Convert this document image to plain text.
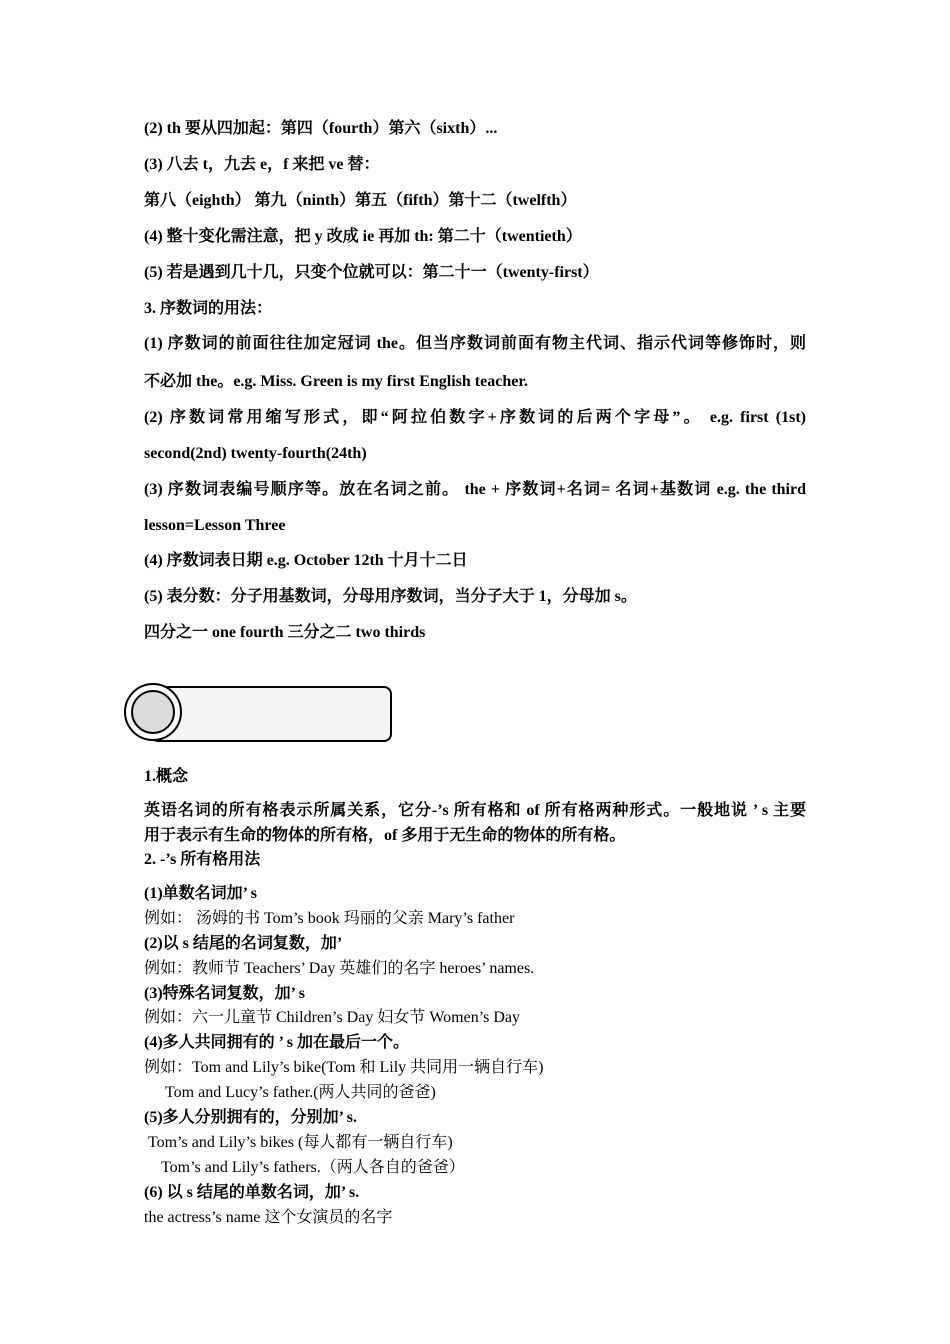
(2) th 要从四加起：第四（fourth）第六（sixth）...
(3) 八去 t，九去 e，f 来把 ve 替：
第八（eighth） 第九（ninth）第五（fifth）第十二（twelfth）
(4) 整十变化需注意，把 y 改成 ie 再加 th: 第二十（twentieth）
(5) 若是遇到几十几，只变个位就可以：第二十一（twenty-first）
3. 序数词的用法：
(1) 序数词的前面往往加定冠词 the。但当序数词前面有物主代词、指示代词等修饰时，则
不必加 the。e.g. Miss. Green is my first English teacher.
(2) 序数词常用缩写形式，即“阿拉伯数字+序数词的后两个字母”。 e.g. first (1st)
second(2nd) twenty-fourth(24th)
(3) 序数词表编号顺序等。放在名词之前。 the + 序数词+名词= 名词+基数词 e.g. the third
lesson=Lesson Three
(4) 序数词表日期 e.g. October 12th 十月十二日
(5) 表分数：分子用基数词，分母用序数词，当分子大于 1，分母加 s。
四分之一 one fourth 三分之二 two thirds
1.概念
英语名词的所有格表示所属关系，它分-’s 所有格和 of 所有格两种形式。一般地说 ’ s 主要
用于表示有生命的物体的所有格，of 多用于无生命的物体的所有格。
2. -’s 所有格用法
(1)单数名词加’ s
例如： 汤姆的书 Tom’s book 玛丽的父亲 Mary’s father
(2)以 s 结尾的名词复数，加’
例如：教师节 Teachers’ Day 英雄们的名字 heroes’ names.
(3)特殊名词复数，加’ s
例如：六一儿童节 Children’s Day 妇女节 Women’s Day
(4)多人共同拥有的 ’ s 加在最后一个。
例如：Tom and Lily’s bike(Tom 和 Lily 共同用一辆自行车)
Tom and Lucy’s father.(两人共同的爸爸)
(5)多人分别拥有的，分别加’ s.
Tom’s and Lily’s bikes (每人都有一辆自行车)
Tom’s and Lily’s fathers.（两人各自的爸爸）
(6) 以 s 结尾的单数名词，加’ s.
the actress’s name 这个女演员的名字
